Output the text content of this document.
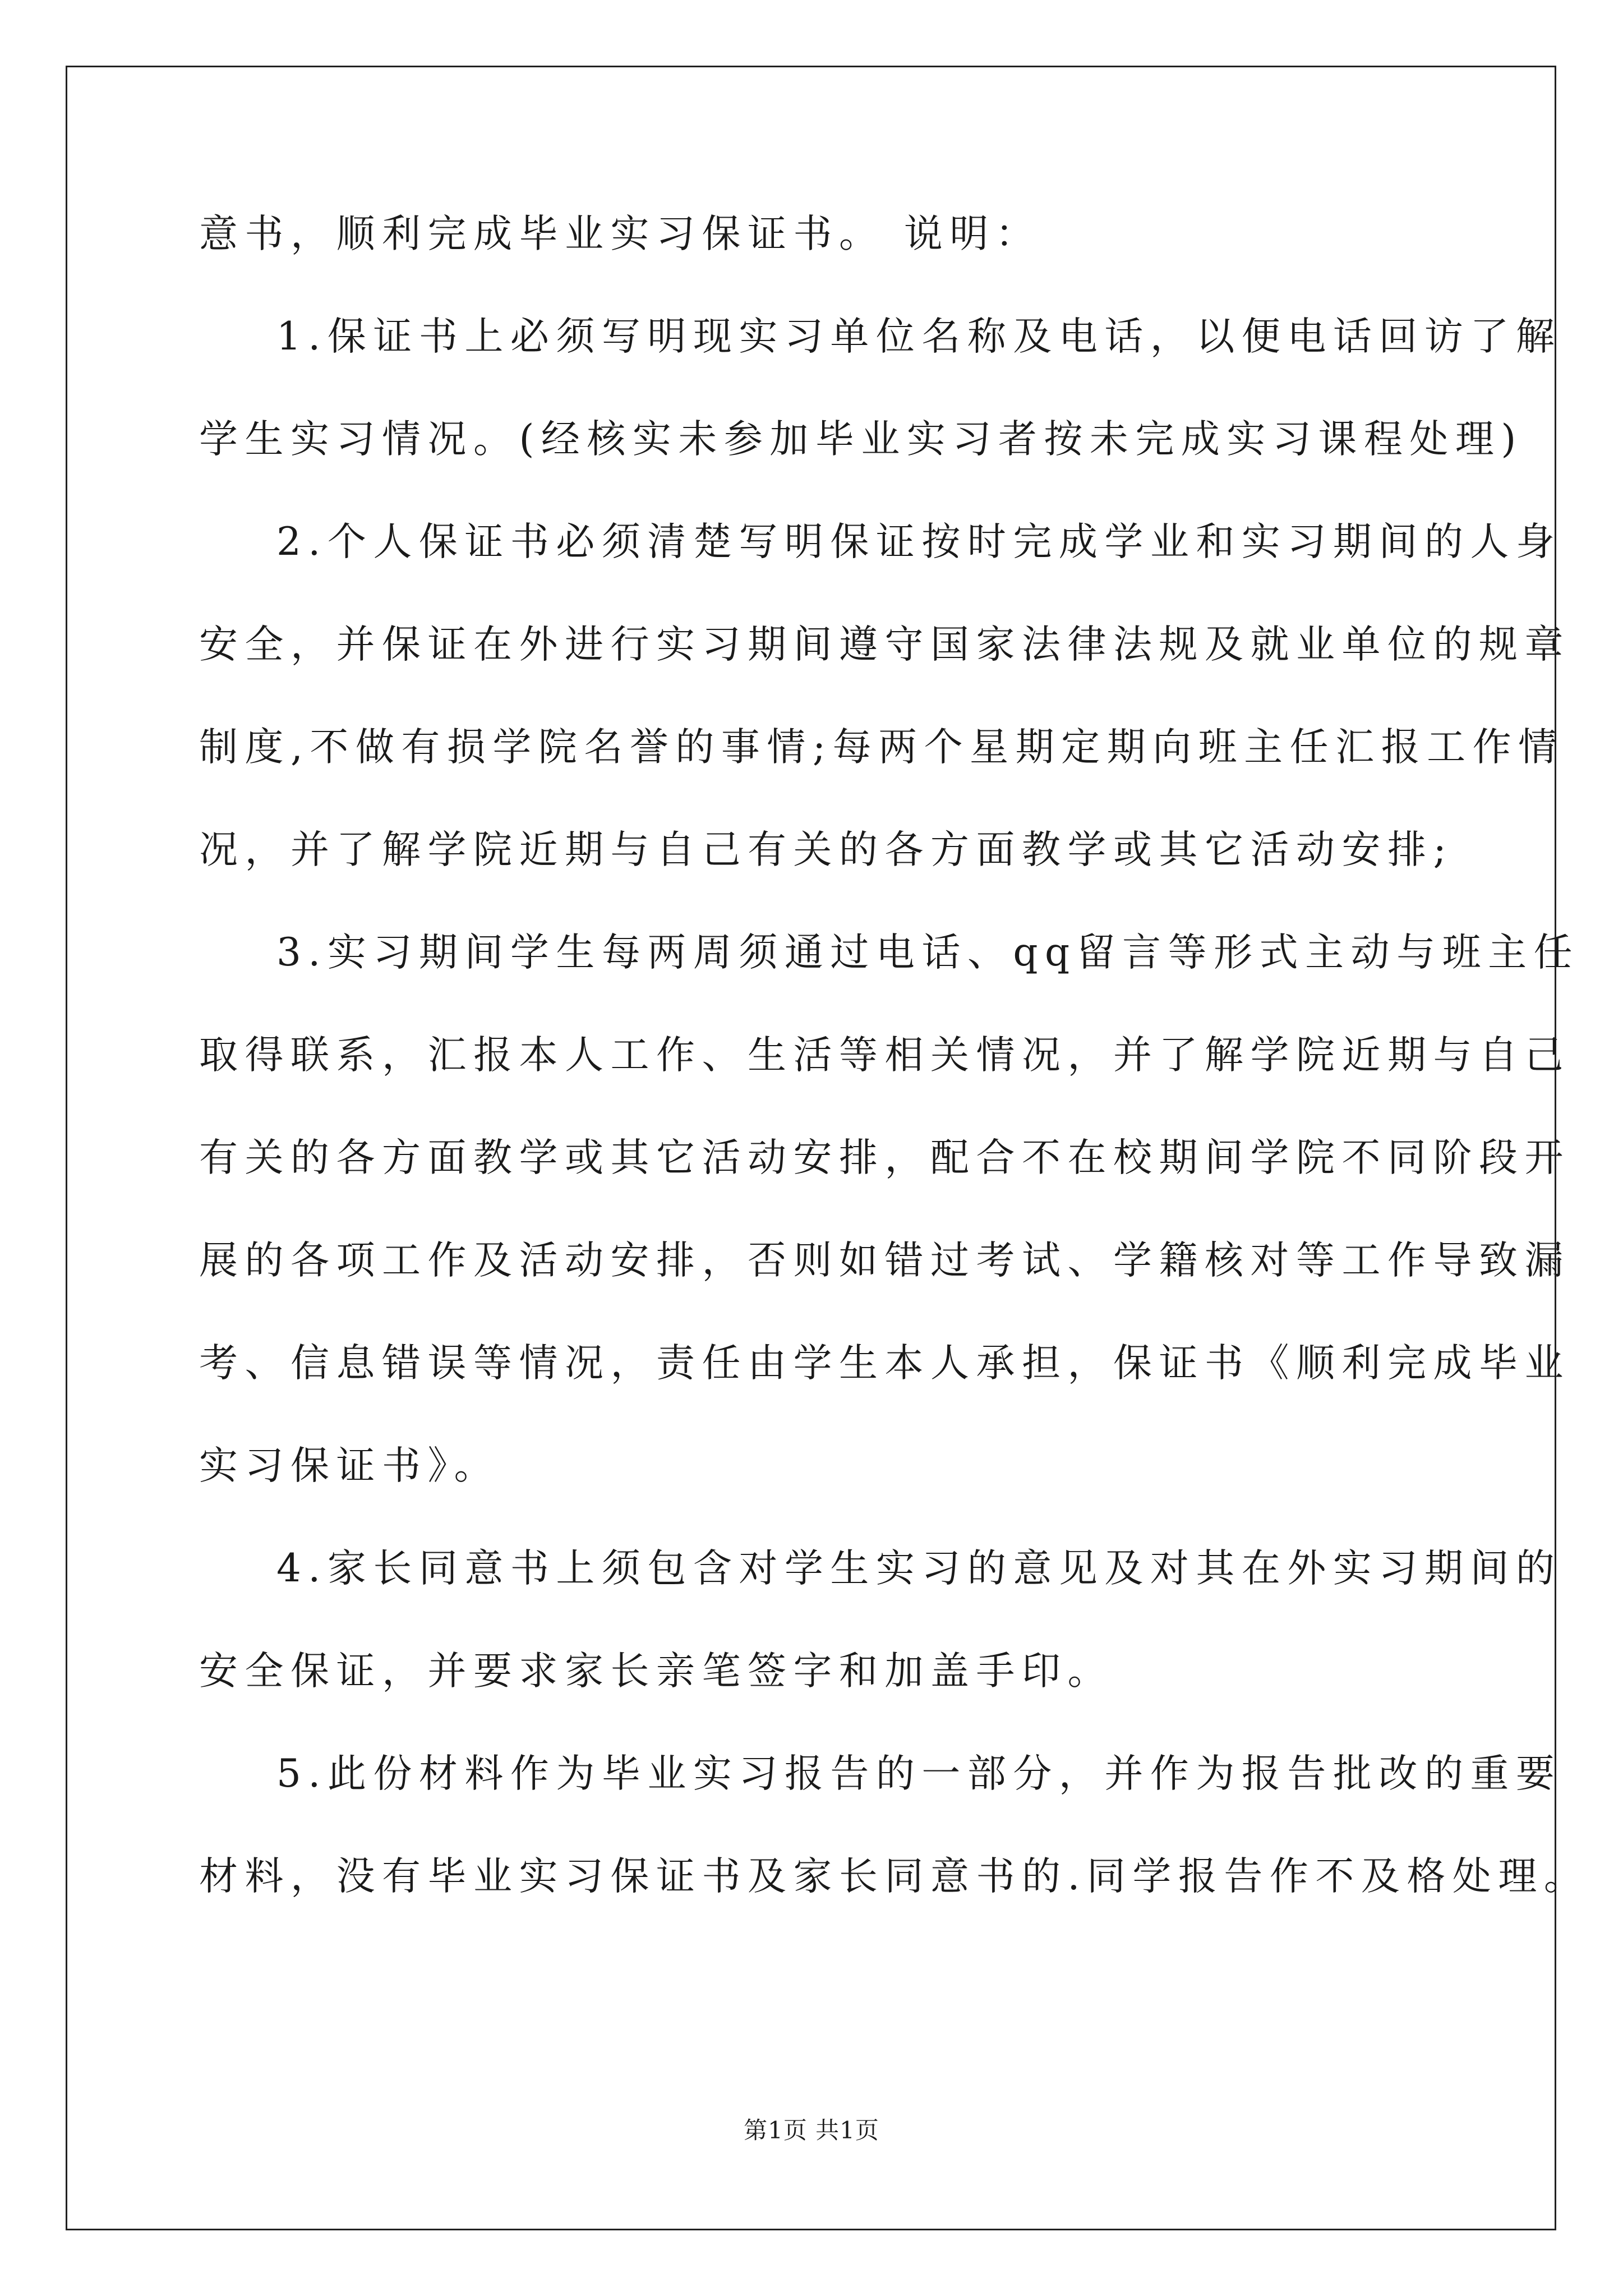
意书，顺利完成毕业实习保证书。 说明：
1.保证书上必须写明现实习单位名称及电话，以便电话回访了解
学生实习情况。(经核实未参加毕业实习者按未完成实习课程处理)
2.个人保证书必须清楚写明保证按时完成学业和实习期间的人身
安全，并保证在外进行实习期间遵守国家法律法规及就业单位的规章
制度,不做有损学院名誉的事情;每两个星期定期向班主任汇报工作情
况，并了解学院近期与自己有关的各方面教学或其它活动安排;
3.实习期间学生每两周须通过电话、qq留言等形式主动与班主任
取得联系，汇报本人工作、生活等相关情况，并了解学院近期与自己
有关的各方面教学或其它活动安排，配合不在校期间学院不同阶段开
展的各项工作及活动安排，否则如错过考试、学籍核对等工作导致漏
考、信息错误等情况，责任由学生本人承担，保证书《顺利完成毕业
实习保证书》。
4.家长同意书上须包含对学生实习的意见及对其在外实习期间的
安全保证，并要求家长亲笔签字和加盖手印。
5.此份材料作为毕业实习报告的一部分，并作为报告批改的重要
材料，没有毕业实习保证书及家长同意书的.同学报告作不及格处理。
第1页 共1页
